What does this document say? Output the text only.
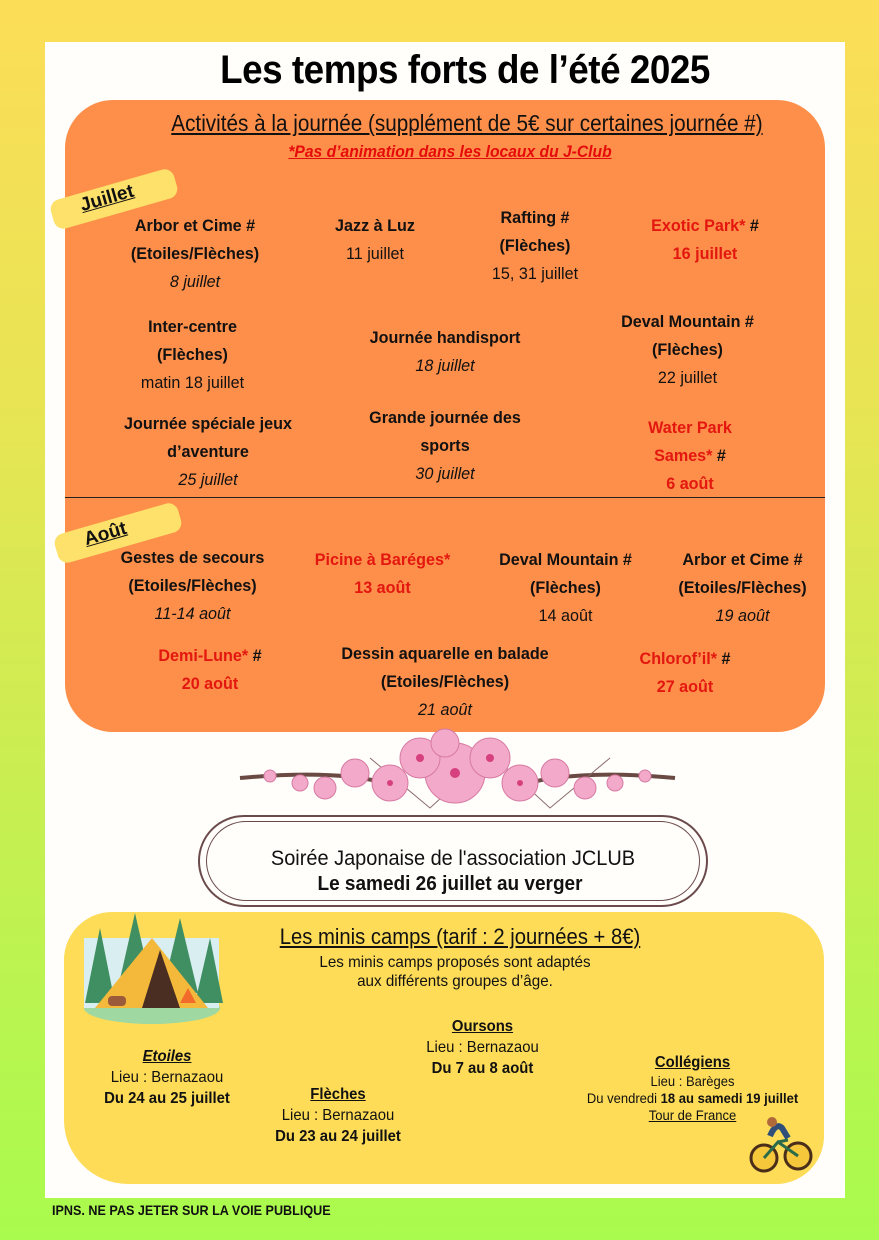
Les temps forts de l’été 2025
Activités à la journée (supplément de 5€ sur certaines journée #)
*Pas d’animation dans les locaux du J-Club
Juillet
Arbor et Cime #
(Etoiles/Flèches)
8 juillet
Jazz à Luz
11 juillet
Rafting #
(Flèches)
15, 31 juillet
Exotic Park* #
16 juillet
Inter-centre
(Flèches)
matin 18 juillet
Journée handisport
18 juillet
Deval Mountain #
(Flèches)
22 juillet
Journée spéciale jeux
d’aventure
25 juillet
Grande journée des
sports
30 juillet
Water Park
Sames* #
6 août
Août
Gestes de secours
(Etoiles/Flèches)
11-14 août
Picine à Baréges*
13 août
Deval Mountain #
(Flèches)
14 août
Arbor et Cime #
(Etoiles/Flèches)
19 août
Demi-Lune* #
20 août
Dessin aquarelle en balade
(Etoiles/Flèches)
21 août
Chlorof’il* #
27 août
Soirée Japonaise de l'association JCLUB
Le samedi 26 juillet au verger
Les minis camps (tarif : 2 journées + 8€)
Les minis camps proposés sont adaptés
aux différents groupes d’âge.
Etoiles
Lieu : Bernazaou
Du 24 au 25 juillet	Flèches
Lieu : Bernazaou
Du 23 au 24 juillet
Oursons
Lieu : Bernazaou
Du 7 au 8 août	Collégiens
Lieu : Barèges
Du vendredi 18 au samedi 19 juillet
Tour de France
IPNS. NE PAS JETER SUR LA VOIE PUBLIQUE
